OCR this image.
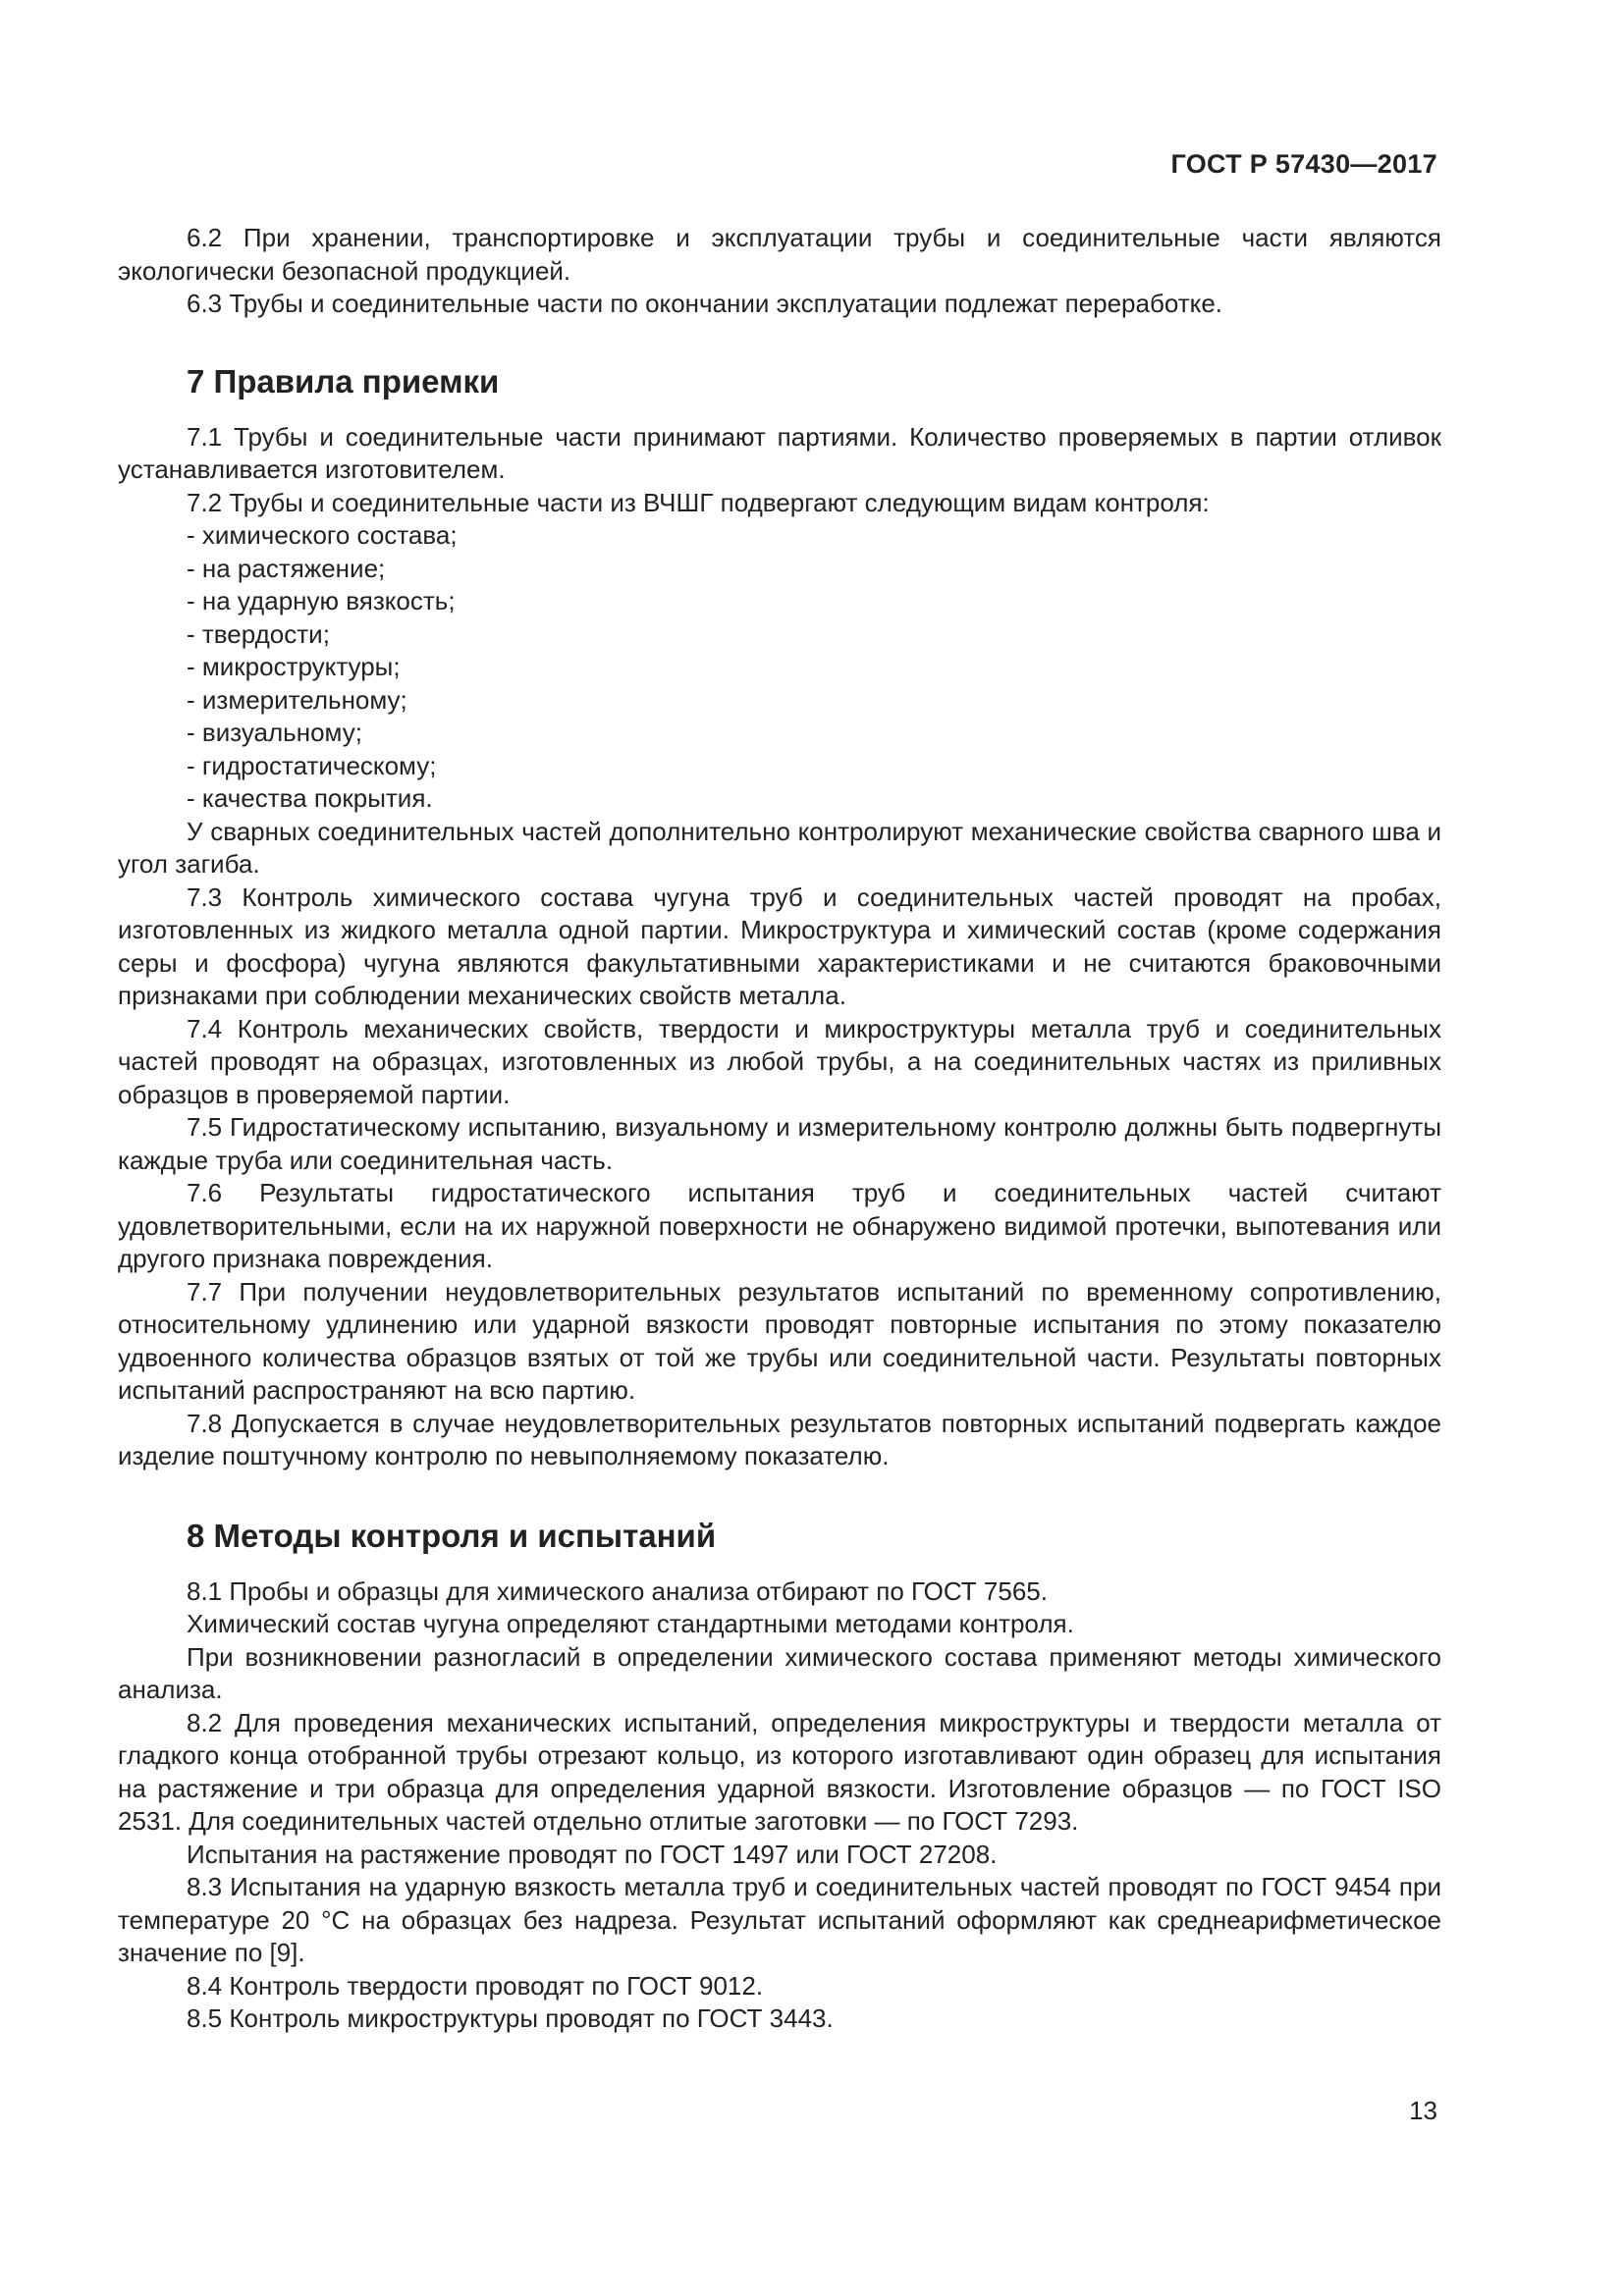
ГОСТ Р 57430—2017

6.2 При хранении, транспортировке и эксплуатации трубы и соединительные части являются экологически безопасной продукцией.

6.3 Трубы и соединительные части по окончании эксплуатации подлежат переработке.

7 Правила приемки

7.1 Трубы и соединительные части принимают партиями. Количество проверяемых в партии отливок устанавливается изготовителем.

7.2 Трубы и соединительные части из ВЧШГ подвергают следующим видам контроля:

- химического состава;

- на растяжение;

- на ударную вязкость;

- твердости;

- микроструктуры;

- измерительному;

- визуальному;

- гидростатическому;

- качества покрытия.

У сварных соединительных частей дополнительно контролируют механические свойства сварного шва и угол загиба.

7.3 Контроль химического состава чугуна труб и соединительных частей проводят на пробах, изготовленных из жидкого металла одной партии. Микроструктура и химический состав (кроме содержания серы и фосфора) чугуна являются факультативными характеристиками и не считаются браковочными признаками при соблюдении механических свойств металла.

7.4 Контроль механических свойств, твердости и микроструктуры металла труб и соединительных частей проводят на образцах, изготовленных из любой трубы, а на соединительных частях из приливных образцов в проверяемой партии.

7.5 Гидростатическому испытанию, визуальному и измерительному контролю должны быть подвергнуты каждые труба или соединительная часть.

7.6 Результаты гидростатического испытания труб и соединительных частей считают удовлетворительными, если на их наружной поверхности не обнаружено видимой протечки, выпотевания или другого признака повреждения.

7.7 При получении неудовлетворительных результатов испытаний по временному сопротивлению, относительному удлинению или ударной вязкости проводят повторные испытания по этому показателю удвоенного количества образцов взятых от той же трубы или соединительной части. Результаты повторных испытаний распространяют на всю партию.

7.8 Допускается в случае неудовлетворительных результатов повторных испытаний подвергать каждое изделие поштучному контролю по невыполняемому показателю.

8 Методы контроля и испытаний

8.1 Пробы и образцы для химического анализа отбирают по ГОСТ 7565.

Химический состав чугуна определяют стандартными методами контроля.

При возникновении разногласий в определении химического состава применяют методы химического анализа.

8.2 Для проведения механических испытаний, определения микроструктуры и твердости металла от гладкого конца отобранной трубы отрезают кольцо, из которого изготавливают один образец для испытания на растяжение и три образца для определения ударной вязкости. Изготовление образцов — по ГОСТ ISO 2531. Для соединительных частей отдельно отлитые заготовки — по ГОСТ 7293.

Испытания на растяжение проводят по ГОСТ 1497 или ГОСТ 27208.

8.3 Испытания на ударную вязкость металла труб и соединительных частей проводят по ГОСТ 9454 при температуре 20 °С на образцах без надреза. Результат испытаний оформляют как среднеарифметическое значение по [9].

8.4 Контроль твердости проводят по ГОСТ 9012.

8.5 Контроль микроструктуры проводят по ГОСТ 3443.

13
